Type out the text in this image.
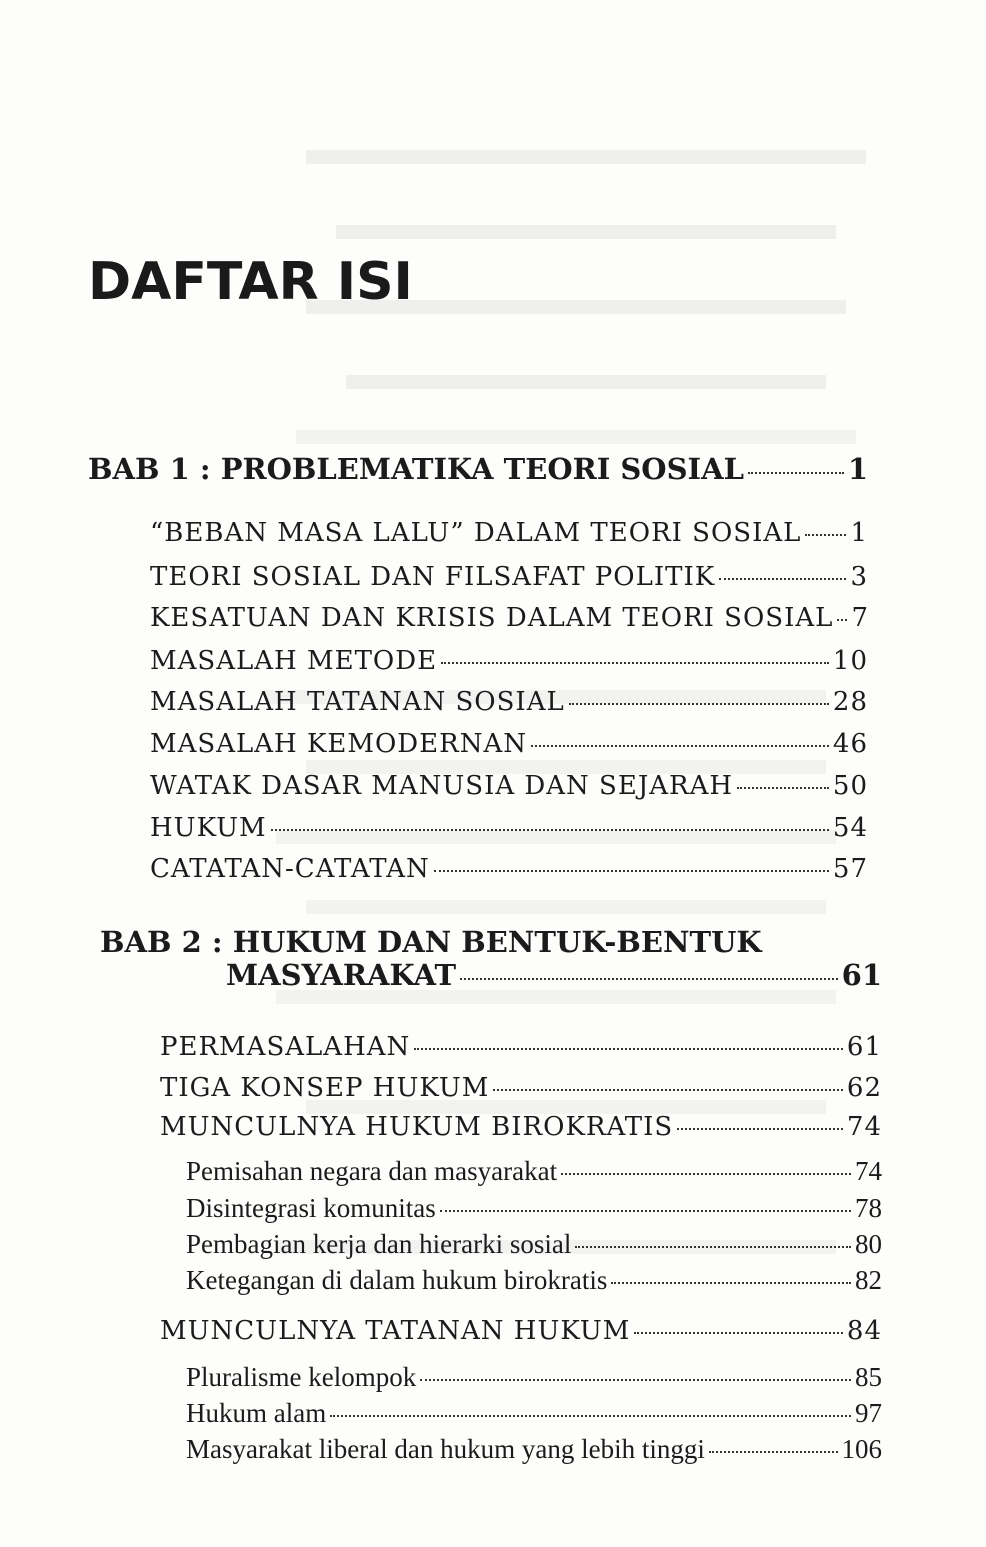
DAFTAR ISI
BAB 1 : PROBLEMATIKA TEORI SOSIAL	1
“BEBAN MASA LALU” DALAM TEORI SOSIAL 1
TEORI SOSIAL DAN FILSAFAT POLITIK	3
KESATUAN DAN KRISIS DALAM TEORI SOSIAL 7
MASALAH METODE	10
MASALAH TATANAN SOSIAL	28
MASALAH KEMODERNAN	46
WATAK DASAR MANUSIA DAN SEJARAH	50
HUKUM	54
CATATAN-CATATAN	57
BAB 2 : HUKUM DAN BENTUK-BENTUK
MASYARAKAT	61
PERMASALAHAN	61
TIGA KONSEP HUKUM	62
MUNCULNYA HUKUM BIROKRATIS	74
Pemisahan negara dan masyarakat	74
Disintegrasi komunitas	78
Pembagian kerja dan hierarki sosial	80
Ketegangan di dalam hukum birokratis	82
MUNCULNYA TATANAN HUKUM	84
Pluralisme kelompok	85
Hukum alam	97
Masyarakat liberal dan hukum yang lebih tinggi	106
